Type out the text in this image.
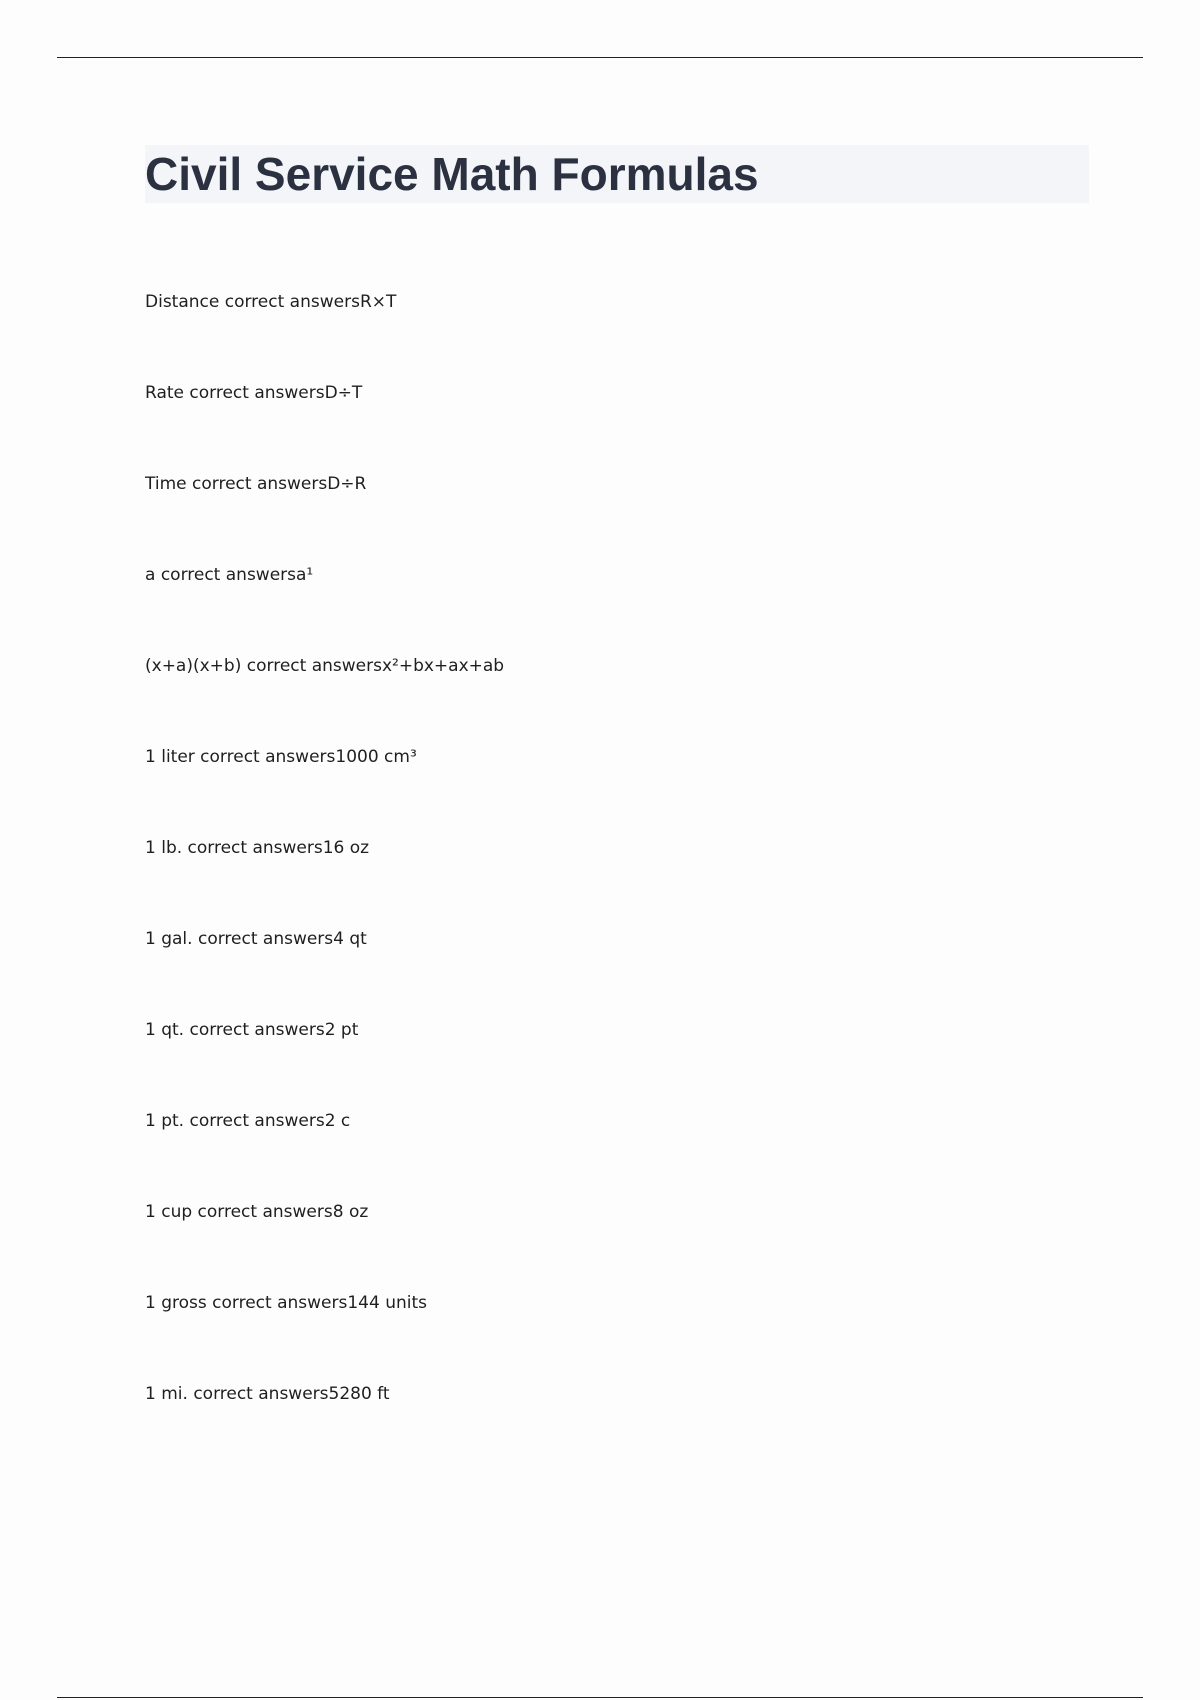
Civil Service Math Formulas
Distance correct answersR×T
Rate correct answersD÷T
Time correct answersD÷R
a correct answersa¹
(x+a)(x+b) correct answersx²+bx+ax+ab
1 liter correct answers1000 cm³
1 lb. correct answers16 oz
1 gal. correct answers4 qt
1 qt. correct answers2 pt
1 pt. correct answers2 c
1 cup correct answers8 oz
1 gross correct answers144 units
1 mi. correct answers5280 ft
